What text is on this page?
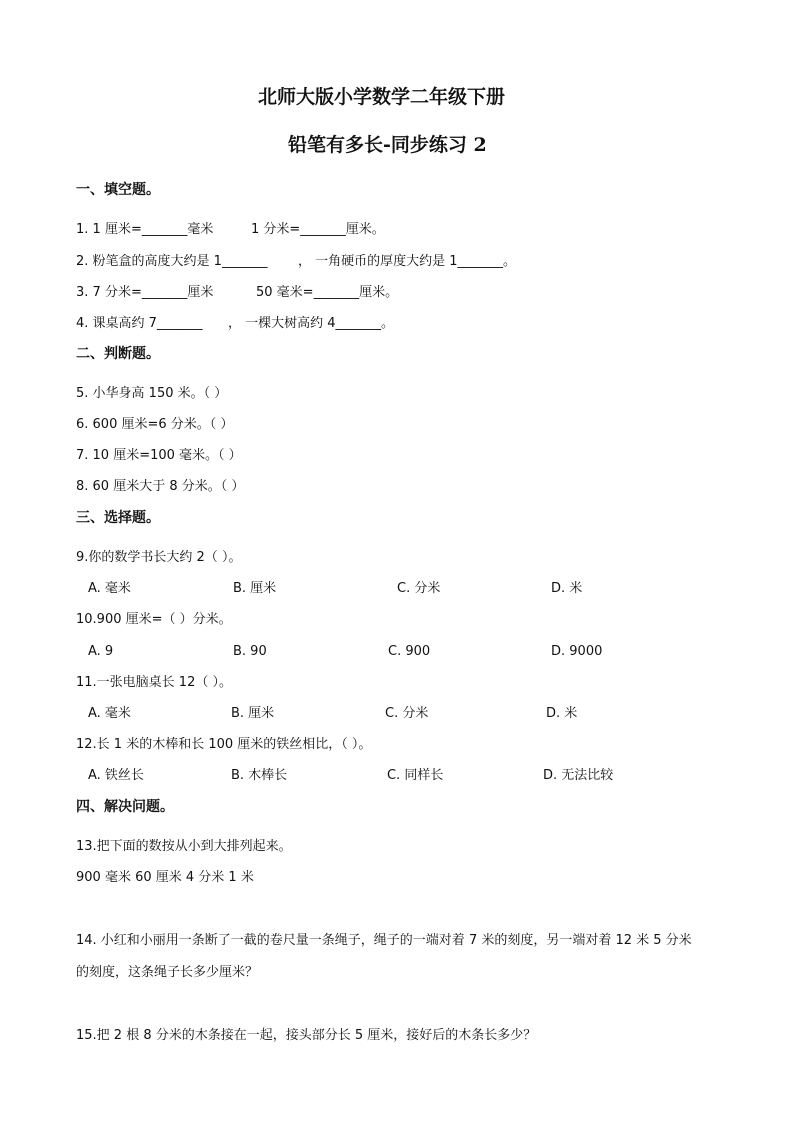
北师大版小学数学二年级下册
铅笔有多长-同步练习 2
一、填空题。
1. 1 厘米=_______毫米	1 分米=_______厘米。
2. 粉笔盒的高度大约是 1_______ ， 一角硬币的厚度大约是 1_______。
3. 7 分米=_______厘米	50 毫米=_______厘米。
4. 课桌高约 7_______ ， 一棵大树高约 4_______。
二、判断题。
5. 小华身高 150 米。（ ）
6. 600 厘米=6 分米。（ ）
7. 10 厘米=100 毫米。（ ）
8. 60 厘米大于 8 分米。（ ）
三、选择题。
9.你的数学书长大约 2（ ）。
A. 毫米	B. 厘米	C. 分米	D. 米
10.900 厘米=（ ）分米。
A. 9	B. 90	C. 900	D. 9000
11.一张电脑桌长 12（ ）。
A. 毫米	B. 厘米	C. 分米	D. 米
12.长 1 米的木棒和长 100 厘米的铁丝相比，（ ）。
A. 铁丝长	B. 木棒长	C. 同样长	D. 无法比较
四、解决问题。
13.把下面的数按从小到大排列起来。
900 毫米 60 厘米 4 分米 1 米
14. 小红和小丽用一条断了一截的卷尺量一条绳子，绳子的一端对着 7 米的刻度，另一端对着 12 米 5 分米
的刻度，这条绳子长多少厘米？
15.把 2 根 8 分米的木条接在一起，接头部分长 5 厘米，接好后的木条长多少？
